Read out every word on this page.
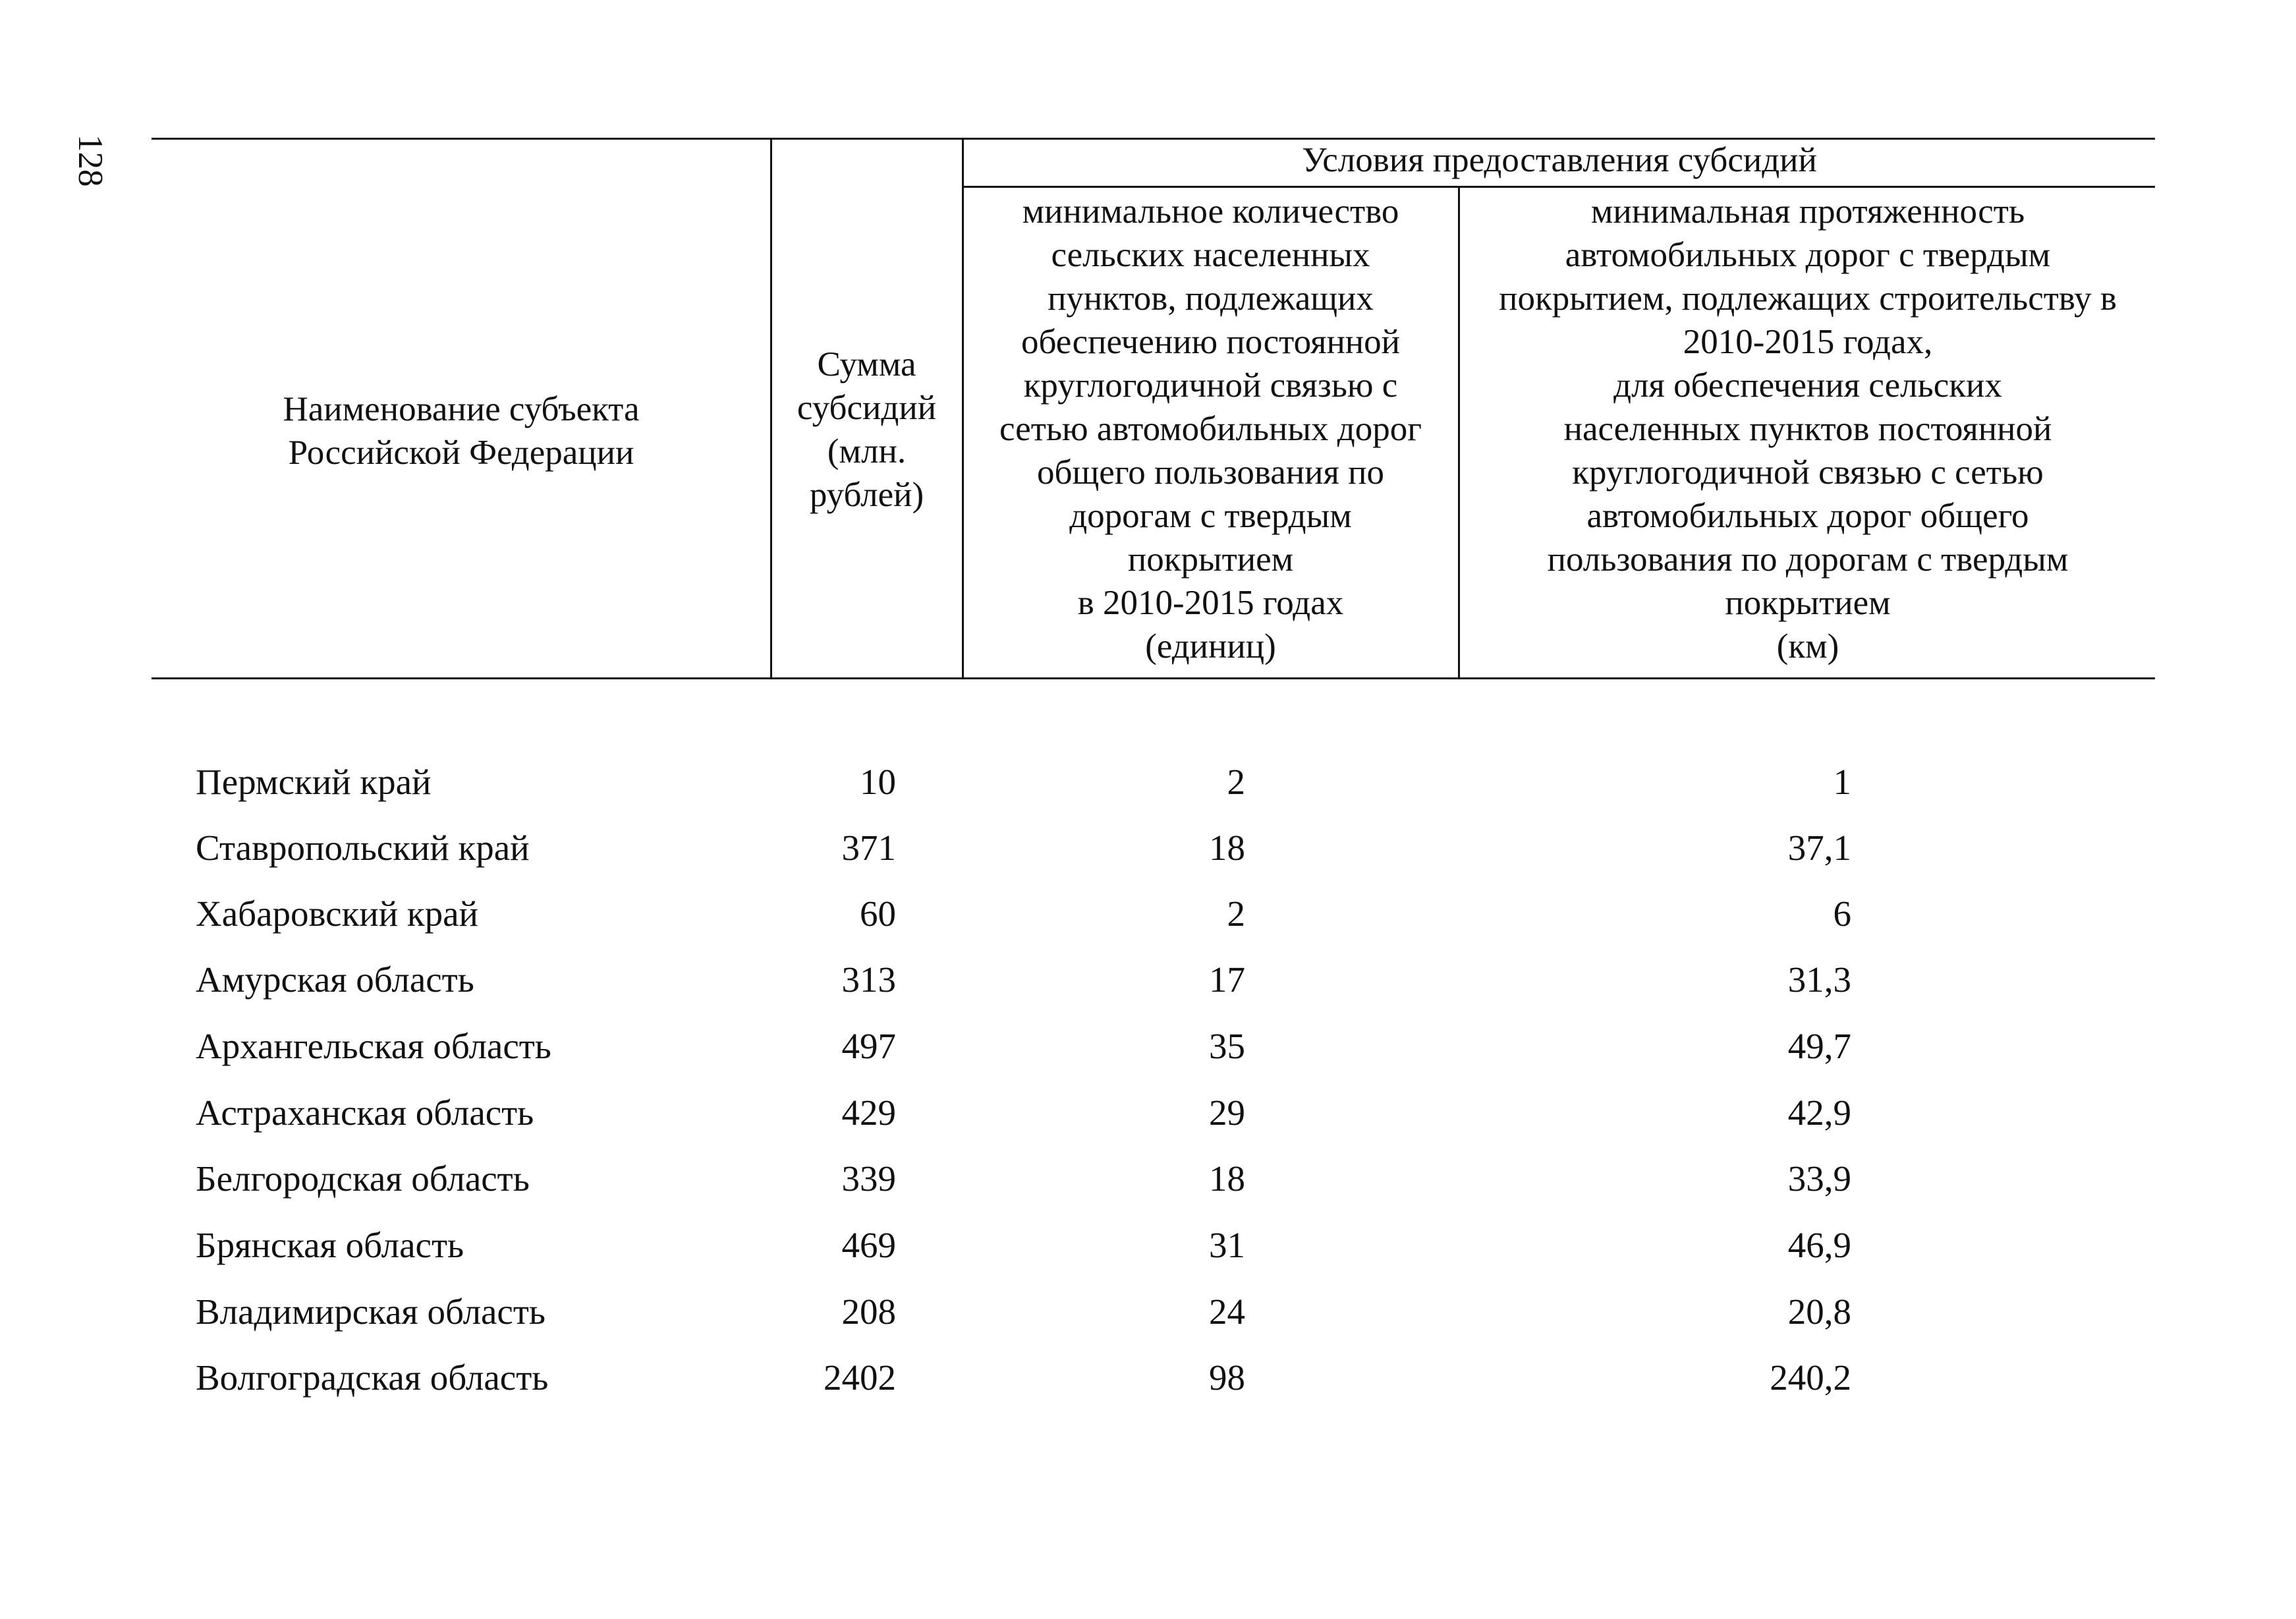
128
Наименование субъекта
Российской Федерации
Сумма
субсидий
(млн.
рублей)
Условия предоставления субсидий
минимальное количество
сельских населенных
пунктов, подлежащих
обеспечению постоянной
круглогодичной связью с
сетью автомобильных дорог
общего пользования по
дорогам с твердым
покрытием
в 2010-2015 годах
(единиц)
минимальная протяженность
автомобильных дорог с твердым
покрытием, подлежащих строительству в
2010-2015 годах,
для обеспечения сельских
населенных пунктов постоянной
круглогодичной связью с сетью
автомобильных дорог общего
пользования по дорогам с твердым
покрытием
(км)
Пермский край	10	2	1
Ставропольский край	371	18	37,1
Хабаровский край	60	2	6
Амурская область	313	17	31,3
Архангельская область	497	35	49,7
Астраханская область	429	29	42,9
Белгородская область	339	18	33,9
Брянская область	469	31	46,9
Владимирская область	208	24	20,8
Волгоградская область	2402	98	240,2
